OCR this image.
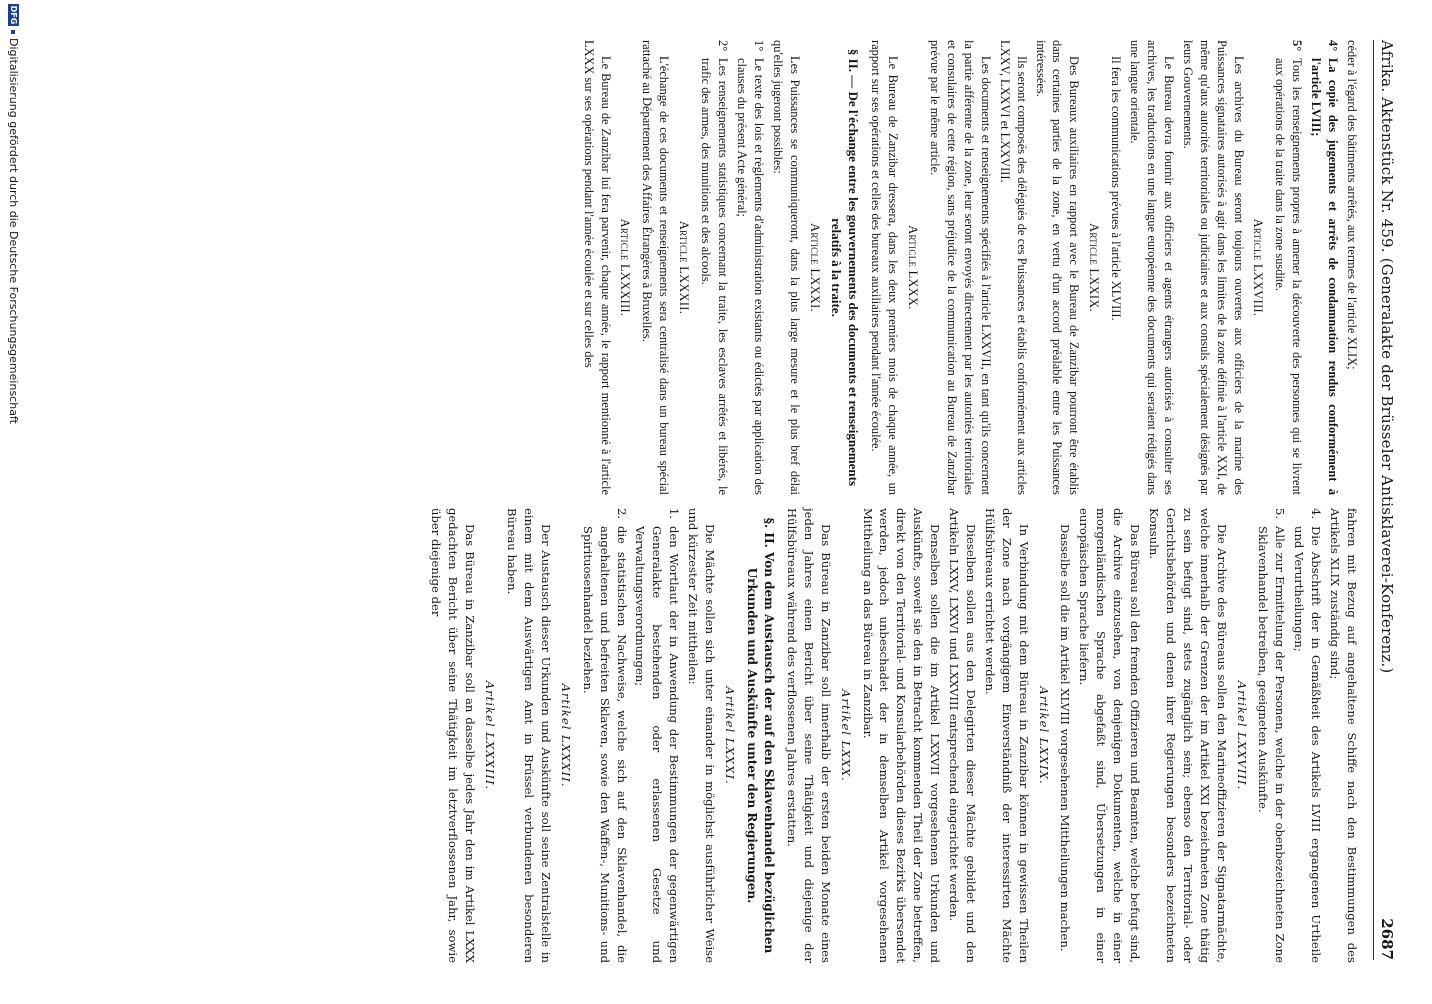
Afrika. Aktenstück Nr. 459. (Generalakte der Brüsseler Antisklaverei-Konferenz.)
2687

céder à l'égard des bâtiments arrêtés, aux termes de l'article XLIX;

4°
La copie des jugements et arrêts de condamnation rendus conformément à l'article LVIII;

5°
Tous les renseignements propres à amener la découverte des personnes qui se livrent aux opérations de la traite dans la zone susdite.

Article LXXVIII.

Les archives du Bureau seront toujours ouvertes aux officiers de la marine des Puissances signataires autorisés à agir dans les limites de la zone définie à l'article XXI, de même qu'aux autorités territoriales ou judiciaires et aux consuls spécialement désignés par leurs Gouvernements.

Le Bureau devra fournir aux officiers et agents étrangers autorisés à consulter ses archives, les traductions en une langue européenne des documents qui seraient rédigés dans une langue orientale.

Il fera les communications prévues à l'article XLVIII.

Article LXXIX.

Des Bureaux auxiliaires en rapport avec le Bureau de Zanzibar pourront être établis dans certaines parties de la zone, en vertu d'un accord préalable entre les Puissances intéressées.

Ils seront composés des délégués de ces Puissances et établis conformément aux articles LXXV, LXXVI et LXXVIII.

Les documents et renseignements spécifiés à l'article LXXVII, en tant qu'ils concernent la partie afférente de la zone, leur seront envoyés directement par les autorités territoriales et consulaires de cette région, sans préjudice de la communication au Bureau de Zanzibar prévue par le même article.

Article LXXX.

Le Bureau de Zanzibar dressera, dans les deux premiers mois de chaque année, un rapport sur ses opérations et celles des bureaux auxiliaires pendant l'année écoulée.

§ II. — De l'échange entre les gouvernements des documents et renseignements relatifs à la traite.
Article LXXXI.

Les Puissances se communiqueront, dans la plus large mesure et le plus bref délai qu'elles jugeront possibles:

1°
Le texte des lois et règlements d'administration existants ou édictés par application des clauses du présent Acte général;

2°
Les renseignements statistiques concernant la traite, les esclaves arrêtés et libérés, le trafic des armes, des munitions et des alcools.

Article LXXXII.

L'échange de ces documents et renseignements sera centralisé dans un bureau spécial rattaché au Département des Affaires Étrangères à Bruxelles.

Article LXXXIII.

Le Bureau de Zanzibar lui fera parvenir, chaque année, le rapport mentionné à l'article LXXX sur ses opérations pendant l'année écoulée et sur celles des

fahren mit Bezug auf angehaltene Schiffe nach den Bestimmungen des Artikels XLIX zuständig sind;

4.
Die Abschrift der in Gemäßheit des Artikels LVIII ergangenen Urtheile und Verurtheilungen;

5.
Alle zur Ermittelung der Personen, welche in der obenbezeichneten Zone Sklavenhandel betreiben, geeigneten Auskünfte.

Artikel LXXVIII.

Die Archive des Büreaus sollen den Marineoffizieren der Signatarmächte, welche innerhalb der Grenzen der im Artikel XXI bezeichneten Zone thätig zu sein befugt sind, stets zugänglich sein; ebenso den Territorial- oder Gerichtsbehörden und denen ihrer Regierungen besonders bezeichneten Konsuln.

Das Büreau soll den fremden Offizieren und Beamten, welche befugt sind, die Archive einzusehen, von denjenigen Dokumenten, welche in einer morgenländischen Sprache abgefaßt sind, Übersetzungen in einer europäischen Sprache liefern.

Dasselbe soll die im Artikel XLVIII vorgesehenen Mittheilungen machen.

Artikel LXXIX.

In Verbindung mit dem Büreau in Zanzibar können in gewissen Theilen der Zone nach vorgängigem Einverständniß der interessirten Mächte Hülfsbüreaux errichtet werden.

Dieselben sollen aus den Delegirten dieser Mächte gebildet und den Artikeln LXXV, LXXVI und LXXVIII entsprechend eingerichtet werden.

Denselben sollen die im Artikel LXXVII vorgesehenen Urkunden und Auskünfte, soweit sie den in Betracht kommenden Theil der Zone betreffen, direkt von den Territorial- und Konsularbehörden dieses Bezirks übersendet werden, jedoch unbeschadet der in demselben Artikel vorgesehenen Mittheilung an das Büreau in Zanzibar.

Artikel LXXX.

Das Büreau in Zanzibar soll innerhalb der ersten beiden Monate eines jeden Jahres einen Bericht über seine Thätigkeit und diejenige der Hülfsbüreaux während des verflossenen Jahres erstatten.

§. II. Von dem Austausch der auf den Sklavenhandel bezüglichen Urkunden und Auskünfte unter den Regierungen.
Artikel LXXXI.

Die Mächte sollen sich unter einander in möglichst ausführlicher Weise und kürzester Zeit mittheilen:

1.
den Wortlaut der in Anwendung der Bestimmungen der gegenwärtigen Generalakte bestehenden oder erlassenen Gesetze und Verwaltungsverordnungen;

2.
die statistischen Nachweise, welche sich auf den Sklavenhandel, die angehaltenen und befreiten Sklaven, sowie den Waffen-, Munitions- und Spirituosenhandel beziehen.

Artikel LXXXII.

Der Austausch dieser Urkunden und Auskünfte soll seine Zentralstelle in einem mit dem Auswärtigen Amt in Brüssel verbundenen besonderen Büreau haben.

Artikel LXXXIII.

Das Büreau in Zanzibar soll an dasselbe jedes Jahr den im Artikel LXXX gedachten Bericht über seine Thätigkeit im letztverflossenen Jahr, sowie über diejenige der

DFG
Digitalisierung gefördert durch die Deutsche Forschungsgemeinschaft
